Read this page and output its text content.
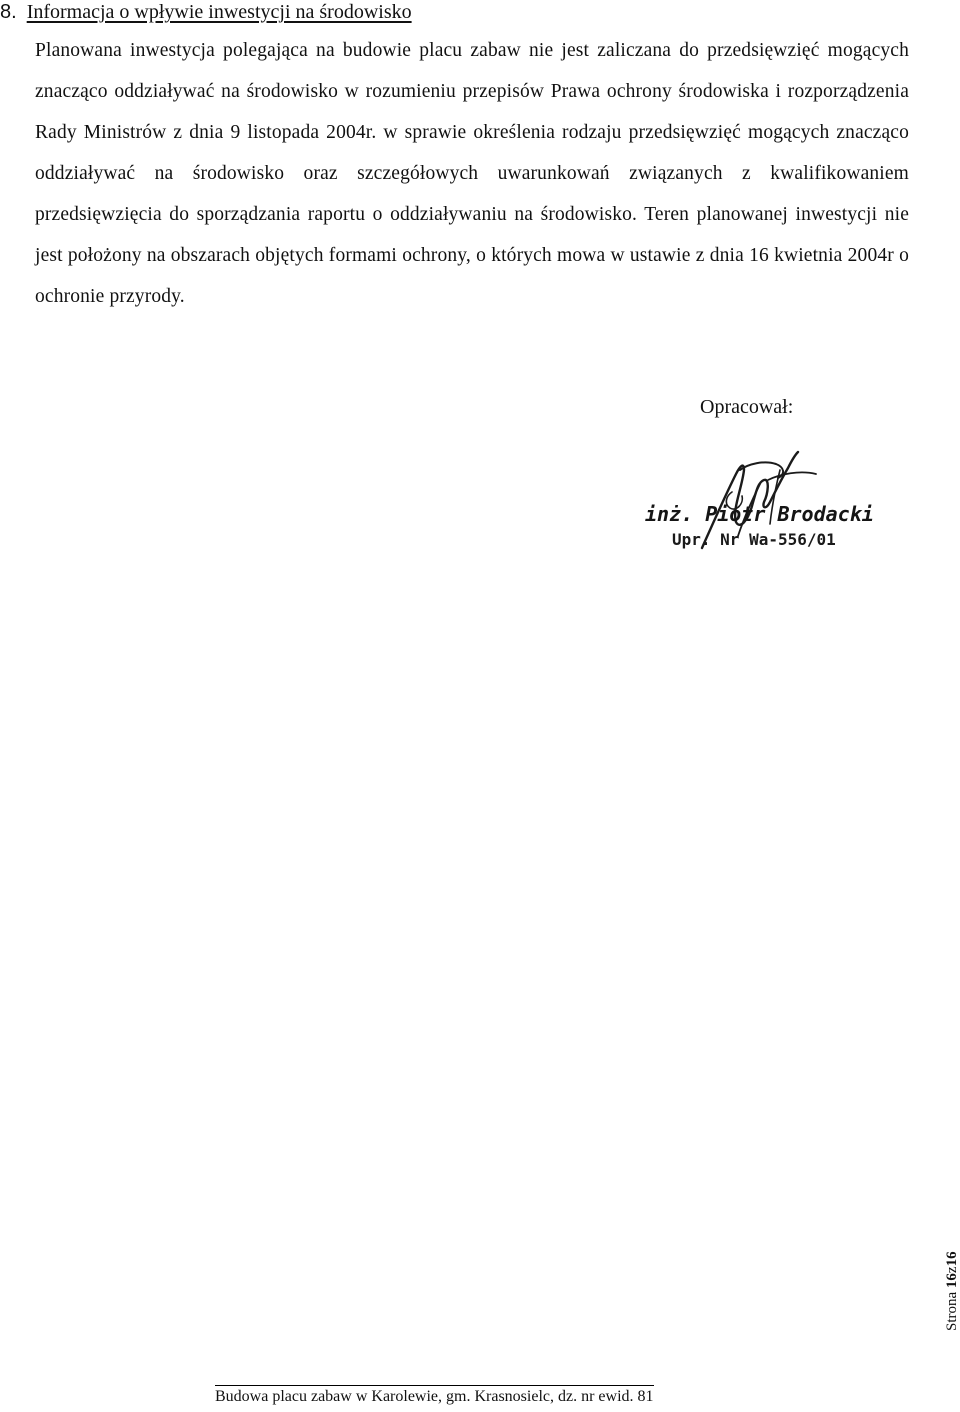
8. Informacja o wpływie inwestycji na środowisko

Planowana inwestycja polegająca na budowie placu zabaw nie jest zaliczana do przedsięwzięć mogących znacząco oddziaływać na środowisko w rozumieniu przepisów Prawa ochrony środowiska i rozporządzenia Rady Ministrów z dnia 9 listopada 2004r. w sprawie określenia rodzaju przedsięwzięć mogących znacząco oddziaływać na środowisko oraz szczegółowych uwarunkowań związanych z kwalifikowaniem przedsięwzięcia do sporządzania raportu o oddziaływaniu na środowisko. Teren planowanej inwestycji nie jest położony na obszarach objętych formami ochrony, o których mowa w ustawie z dnia 16 kwietnia 2004r o ochronie przyrody.

Opracował:
inż. Piotr Brodacki
Upr. Nr Wa-556/01
Strona 16z16
Budowa placu zabaw w Karolewie, gm. Krasnosielc, dz. nr ewid. 81
